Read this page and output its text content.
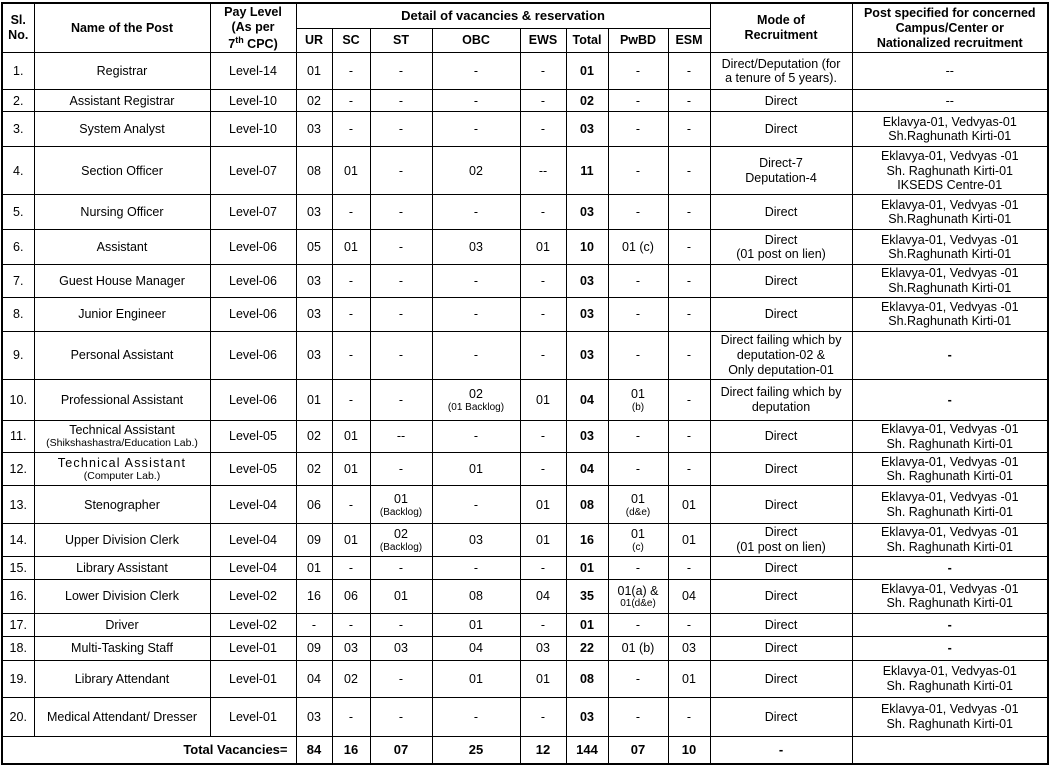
Sl.
No.	Name of the Post	Pay Level
(As per
7th CPC)	Detail of vacancies & reservation								Mode of
Recruitment	Post specified for concerned
Campus/Center or
Nationalized recruitment
			UR	SC	ST	OBC	EWS	Total	PwBD	ESM		
1.	Registrar	Level-14	01	-	-	-	-	01	-	-	Direct/Deputation (for
a tenure of 5 years).	--

2.	Assistant Registrar	Level-10	02	-	-	-	-	02	-	-	Direct	--

3.	System Analyst	Level-10	03	-	-	-	-	03	-	-	Direct	Eklavya-01, Vedvyas-01
Sh.Raghunath Kirti-01

4.	Section Officer	Level-07	08	01	-	02	--	11	-	-	Direct-7
Deputation-4	Eklavya-01, Vedvyas -01
Sh. Raghunath Kirti-01
IKSEDS Centre-01

5.	Nursing Officer	Level-07	03	-	-	-	-	03	-	-	Direct	Eklavya-01, Vedvyas -01
Sh.Raghunath Kirti-01

6.	Assistant	Level-06	05	01	-	03	01	10	01 (c)	-	Direct
(01 post on lien)	Eklavya-01, Vedvyas -01
Sh.Raghunath Kirti-01

7.	Guest House Manager	Level-06	03	-	-	-	-	03	-	-	Direct	Eklavya-01, Vedvyas -01
Sh.Raghunath Kirti-01

8.	Junior Engineer	Level-06	03	-	-	-	-	03	-	-	Direct	Eklavya-01, Vedvyas -01
Sh.Raghunath Kirti-01

9.	Personal Assistant	Level-06	03	-	-	-	-	03	-	-	Direct failing which by
deputation-02 &
Only deputation-01	-

10.	Professional Assistant	Level-06	01	-	-	02
(01 Backlog)	01	04	01
(b)	-	Direct failing which by
deputation	-

11.	Technical Assistant
(Shikshashastra/Education Lab.)	Level-05	02	01	--	-	-	03	-	-	Direct	Eklavya-01, Vedvyas -01
Sh. Raghunath Kirti-01

12.	Technical Assistant
(Computer Lab.)	Level-05	02	01	-	01	-	04	-	-	Direct	Eklavya-01, Vedvyas -01
Sh. Raghunath Kirti-01

13.	Stenographer	Level-04	06	-	01
(Backlog)	-	01	08	01
(d&e)	01	Direct	Eklavya-01, Vedvyas -01
Sh. Raghunath Kirti-01

14.	Upper Division Clerk	Level-04	09	01	02
(Backlog)	03	01	16	01
(c)	01	Direct
(01 post on lien)	Eklavya-01, Vedvyas -01
Sh. Raghunath Kirti-01

15.	Library Assistant	Level-04	01	-	-	-	-	01	-	-	Direct	-

16.	Lower Division Clerk	Level-02	16	06	01	08	04	35	01(a) &
01(d&e)	04	Direct	Eklavya-01, Vedvyas -01
Sh. Raghunath Kirti-01

17.	Driver	Level-02	-	-	-	01	-	01	-	-	Direct	-

18.	Multi-Tasking Staff	Level-01	09	03	03	04	03	22	01 (b)	03	Direct	-

19.	Library Attendant	Level-01	04	02	-	01	01	08	-	01	Direct	Eklavya-01, Vedvyas-01
Sh. Raghunath Kirti-01

20.	Medical Attendant/ Dresser	Level-01	03	-	-	-	-	03	-	-	Direct	Eklavya-01, Vedvyas -01
Sh. Raghunath Kirti-01

Total Vacancies=			84	16	07	25	12	144	07	10	-	
